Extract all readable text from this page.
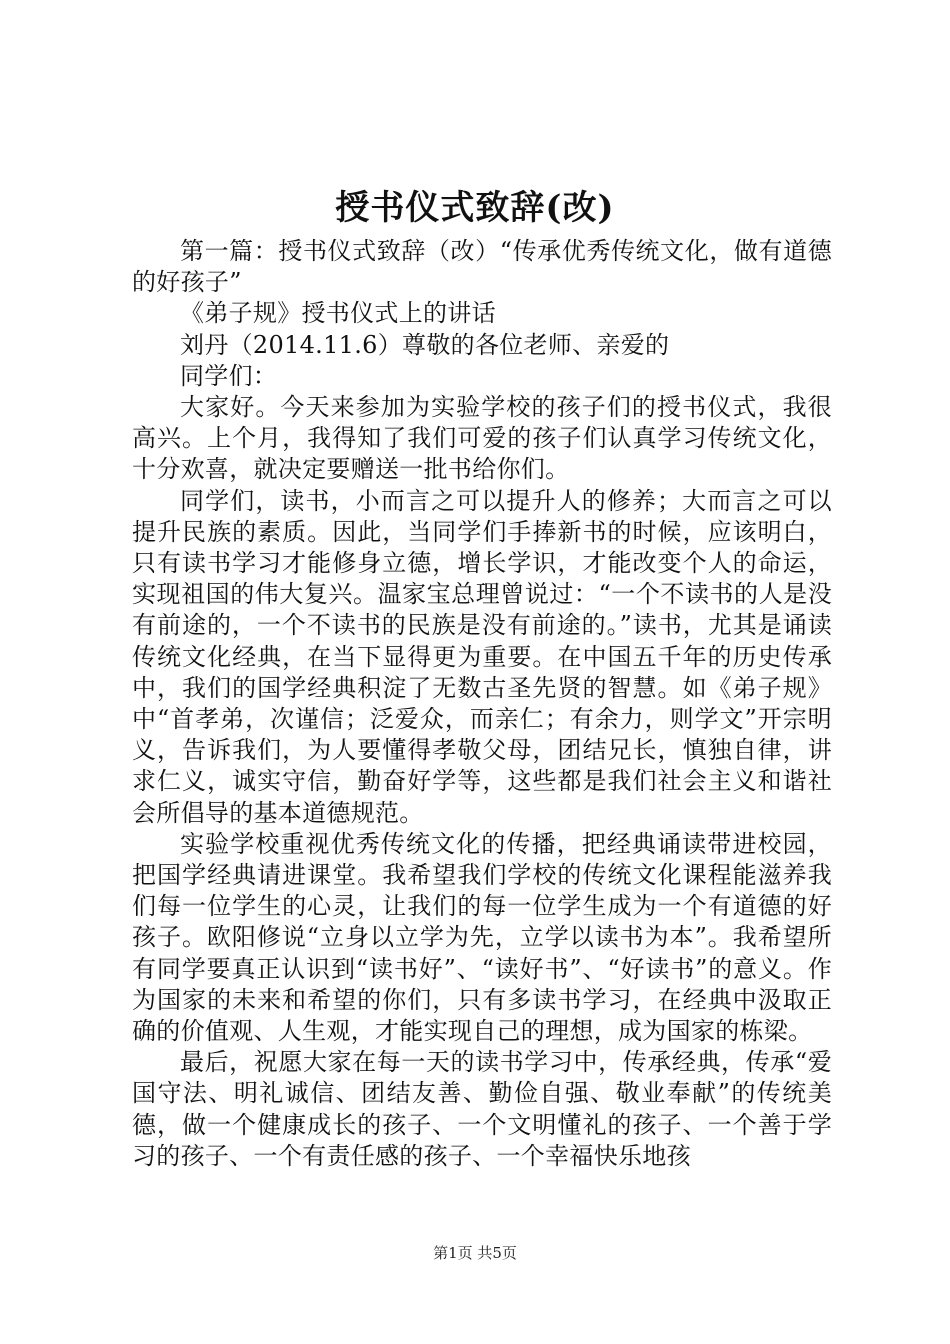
授书仪式致辞(改)

第一篇：授书仪式致辞（改）“传承优秀传统文化，做有道德的好孩子”

《弟子规》授书仪式上的讲话

刘丹（2014.11.6）尊敬的各位老师、亲爱的

同学们：

大家好。今天来参加为实验学校的孩子们的授书仪式，我很高兴。上个月，我得知了我们可爱的孩子们认真学习传统文化，十分欢喜，就决定要赠送一批书给你们。

同学们，读书，小而言之可以提升人的修养；大而言之可以提升民族的素质。因此，当同学们手捧新书的时候，应该明白，只有读书学习才能修身立德，增长学识，才能改变个人的命运，实现祖国的伟大复兴。温家宝总理曾说过：“一个不读书的人是没有前途的，一个不读书的民族是没有前途的。”读书，尤其是诵读传统文化经典，在当下显得更为重要。在中国五千年的历史传承中，我们的国学经典积淀了无数古圣先贤的智慧。如《弟子规》中“首孝弟，次谨信；泛爱众，而亲仁；有余力，则学文”开宗明义，告诉我们，为人要懂得孝敬父母，团结兄长，慎独自律，讲求仁义，诚实守信，勤奋好学等，这些都是我们社会主义和谐社会所倡导的基本道德规范。

实验学校重视优秀传统文化的传播，把经典诵读带进校园，把国学经典请进课堂。我希望我们学校的传统文化课程能滋养我们每一位学生的心灵，让我们的每一位学生成为一个有道德的好孩子。欧阳修说“立身以立学为先，立学以读书为本”。我希望所有同学要真正认识到“读书好”、“读好书”、“好读书”的意义。作为国家的未来和希望的你们，只有多读书学习，在经典中汲取正确的价值观、人生观，才能实现自己的理想，成为国家的栋梁。

最后，祝愿大家在每一天的读书学习中，传承经典，传承“爱国守法、明礼诚信、团结友善、勤俭自强、敬业奉献”的传统美德，做一个健康成长的孩子、一个文明懂礼的孩子、一个善于学习的孩子、一个有责任感的孩子、一个幸福快乐地孩

第1页 共5页
